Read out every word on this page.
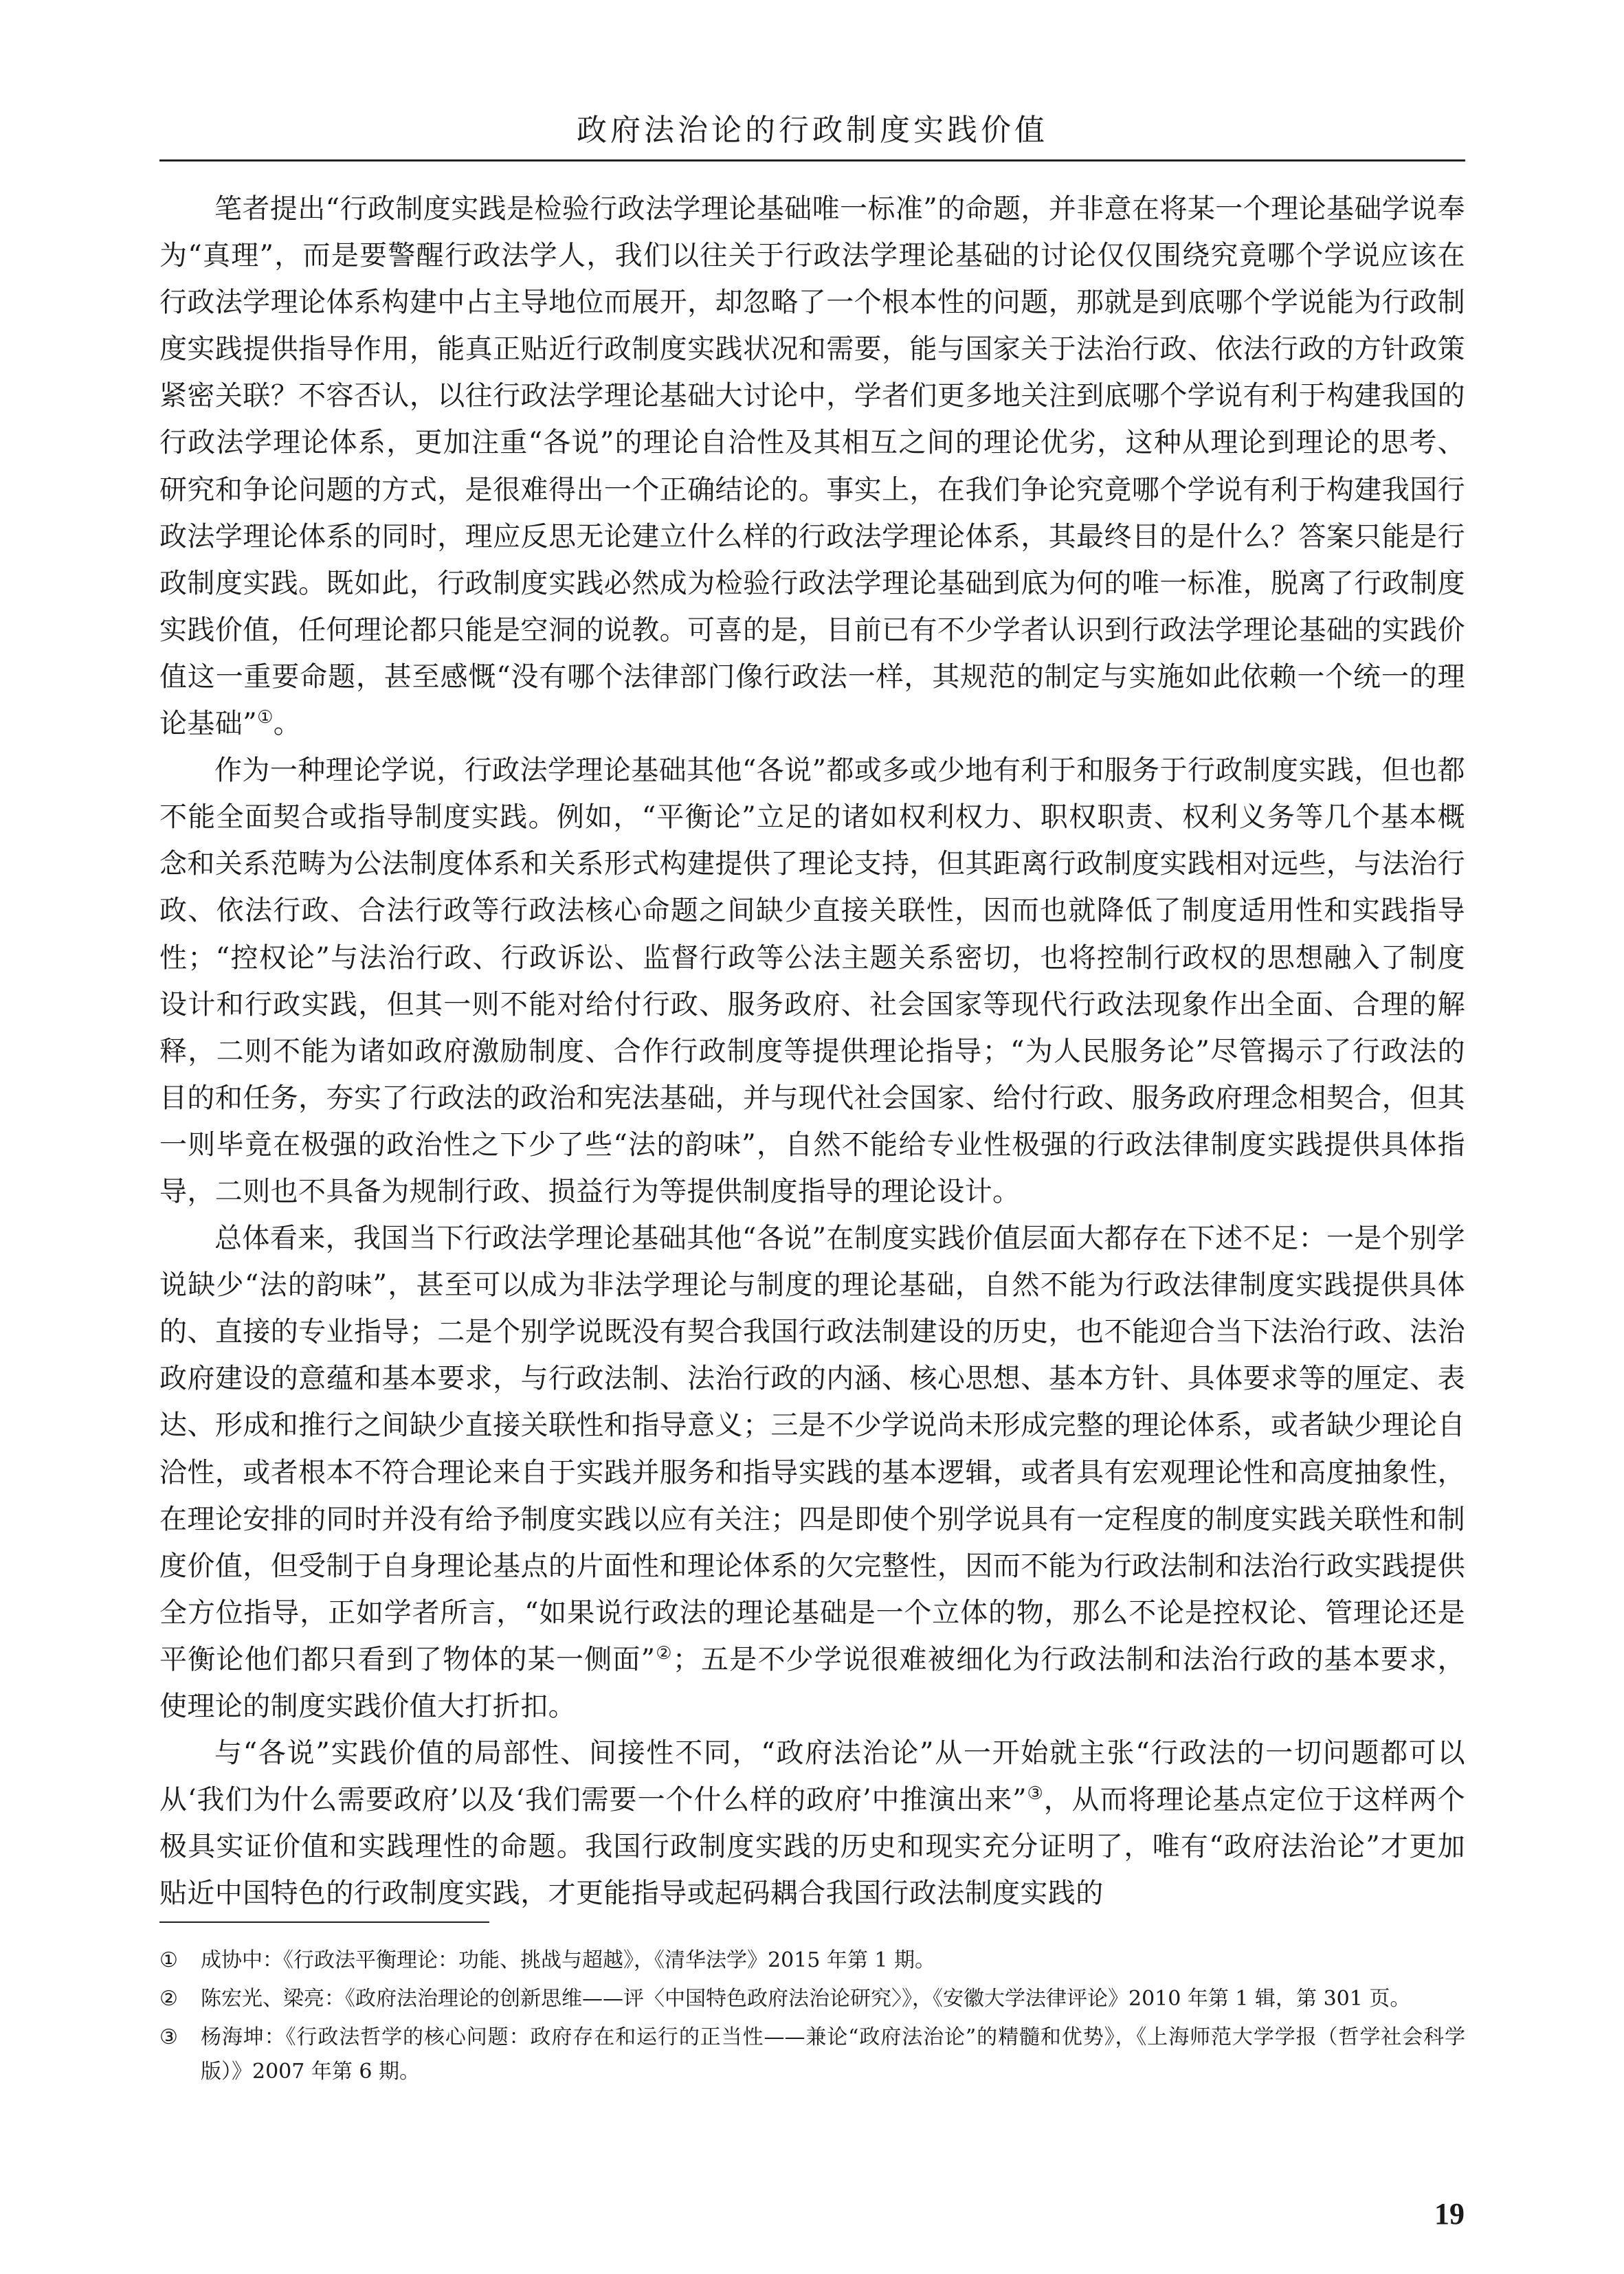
政府法治论的行政制度实践价值

笔者提出“行政制度实践是检验行政法学理论基础唯一标准”的命题，并非意在将某一个理论基础学说奉为“真理”，而是要警醒行政法学人，我们以往关于行政法学理论基础的讨论仅仅围绕究竟哪个学说应该在行政法学理论体系构建中占主导地位而展开，却忽略了一个根本性的问题，那就是到底哪个学说能为行政制度实践提供指导作用，能真正贴近行政制度实践状况和需要，能与国家关于法治行政、依法行政的方针政策紧密关联？不容否认，以往行政法学理论基础大讨论中，学者们更多地关注到底哪个学说有利于构建我国的行政法学理论体系，更加注重“各说”的理论自洽性及其相互之间的理论优劣，这种从理论到理论的思考、研究和争论问题的方式，是很难得出一个正确结论的。事实上，在我们争论究竟哪个学说有利于构建我国行政法学理论体系的同时，理应反思无论建立什么样的行政法学理论体系，其最终目的是什么？答案只能是行政制度实践。既如此，行政制度实践必然成为检验行政法学理论基础到底为何的唯一标准，脱离了行政制度实践价值，任何理论都只能是空洞的说教。可喜的是，目前已有不少学者认识到行政法学理论基础的实践价值这一重要命题，甚至感慨“没有哪个法律部门像行政法一样，其规范的制定与实施如此依赖一个统一的理论基础”①。

作为一种理论学说，行政法学理论基础其他“各说”都或多或少地有利于和服务于行政制度实践，但也都不能全面契合或指导制度实践。例如，“平衡论”立足的诸如权利权力、职权职责、权利义务等几个基本概念和关系范畴为公法制度体系和关系形式构建提供了理论支持，但其距离行政制度实践相对远些，与法治行政、依法行政、合法行政等行政法核心命题之间缺少直接关联性，因而也就降低了制度适用性和实践指导性；“控权论”与法治行政、行政诉讼、监督行政等公法主题关系密切，也将控制行政权的思想融入了制度设计和行政实践，但其一则不能对给付行政、服务政府、社会国家等现代行政法现象作出全面、合理的解释，二则不能为诸如政府激励制度、合作行政制度等提供理论指导；“为人民服务论”尽管揭示了行政法的目的和任务，夯实了行政法的政治和宪法基础，并与现代社会国家、给付行政、服务政府理念相契合，但其一则毕竟在极强的政治性之下少了些“法的韵味”，自然不能给专业性极强的行政法律制度实践提供具体指导，二则也不具备为规制行政、损益行为等提供制度指导的理论设计。

总体看来，我国当下行政法学理论基础其他“各说”在制度实践价值层面大都存在下述不足：一是个别学说缺少“法的韵味”，甚至可以成为非法学理论与制度的理论基础，自然不能为行政法律制度实践提供具体的、直接的专业指导；二是个别学说既没有契合我国行政法制建设的历史，也不能迎合当下法治行政、法治政府建设的意蕴和基本要求，与行政法制、法治行政的内涵、核心思想、基本方针、具体要求等的厘定、表达、形成和推行之间缺少直接关联性和指导意义；三是不少学说尚未形成完整的理论体系，或者缺少理论自洽性，或者根本不符合理论来自于实践并服务和指导实践的基本逻辑，或者具有宏观理论性和高度抽象性，在理论安排的同时并没有给予制度实践以应有关注；四是即使个别学说具有一定程度的制度实践关联性和制度价值，但受制于自身理论基点的片面性和理论体系的欠完整性，因而不能为行政法制和法治行政实践提供全方位指导，正如学者所言，“如果说行政法的理论基础是一个立体的物，那么不论是控权论、管理论还是平衡论他们都只看到了物体的某一侧面”②；五是不少学说很难被细化为行政法制和法治行政的基本要求，使理论的制度实践价值大打折扣。

与“各说”实践价值的局部性、间接性不同，“政府法治论”从一开始就主张“行政法的一切问题都可以从‘我们为什么需要政府’以及‘我们需要一个什么样的政府’中推演出来”③，从而将理论基点定位于这样两个极具实证价值和实践理性的命题。我国行政制度实践的历史和现实充分证明了，唯有“政府法治论”才更加贴近中国特色的行政制度实践，才更能指导或起码耦合我国行政法制度实践的

①	成协中：《行政法平衡理论：功能、挑战与超越》，《清华法学》2015 年第 1 期。
②	陈宏光、梁亮：《政府法治理论的创新思维——评〈中国特色政府法治论研究〉》，《安徽大学法律评论》2010 年第 1 辑，第 301 页。
③	杨海坤：《行政法哲学的核心问题：政府存在和运行的正当性——兼论“政府法治论”的精髓和优势》，《上海师范大学学报（哲学社会科学版）》2007 年第 6 期。
19
